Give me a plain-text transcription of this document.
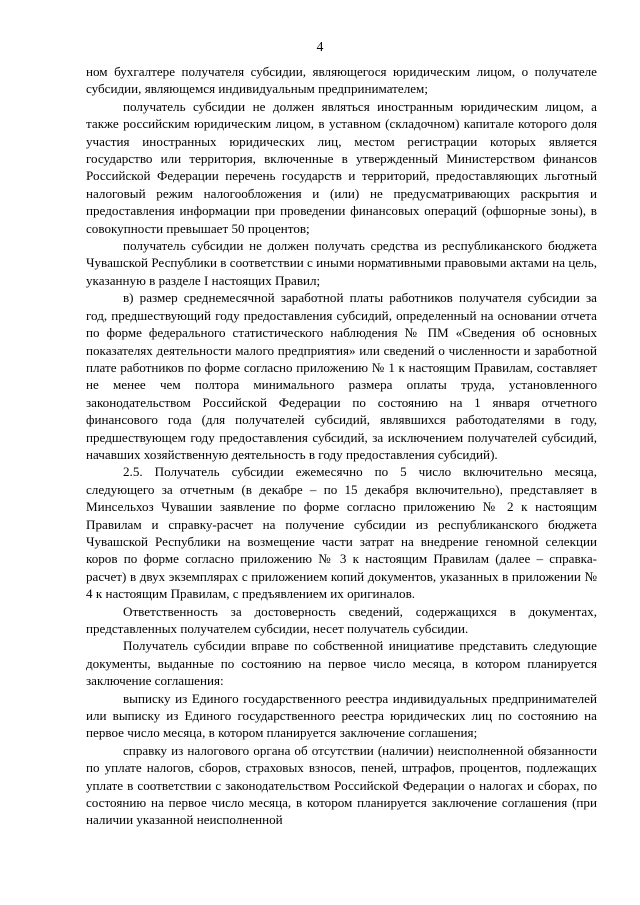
4

ном бухгалтере получателя субсидии, являющегося юридическим лицом, о получателе субсидии, являющемся индивидуальным предпринимателем;

получатель субсидии не должен являться иностранным юридическим лицом, а также российским юридическим лицом, в уставном (складочном) капитале которого доля участия иностранных юридических лиц, местом регистрации которых является государство или территория, включенные в утвержденный Министерством финансов Российской Федерации перечень государств и территорий, предоставляющих льготный налоговый режим налогообложения и (или) не предусматривающих раскрытия и предоставления информации при проведении финансовых операций (офшорные зоны), в совокупности превышает 50 процентов;

получатель субсидии не должен получать средства из республиканского бюджета Чувашской Республики в соответствии с иными нормативными правовыми актами на цель, указанную в разделе I настоящих Правил;

в) размер среднемесячной заработной платы работников получателя субсидии за год, предшествующий году предоставления субсидий, определенный на основании отчета по форме федерального статистического наблюдения № ПМ «Сведения об основных показателях деятельности малого предприятия» или сведений о численности и заработной плате работников по форме согласно приложению № 1 к настоящим Правилам, составляет не менее чем полтора минимального размера оплаты труда, установленного законодательством Российской Федерации по состоянию на 1 января отчетного финансового года (для получателей субсидий, являвшихся работодателями в году, предшествующем году предоставления субсидий, за исключением получателей субсидий, начавших хозяйственную деятельность в году предоставления субсидий).

2.5. Получатель субсидии ежемесячно по 5 число включительно месяца, следующего за отчетным (в декабре – по 15 декабря включительно), представляет в Минсельхоз Чувашии заявление по форме согласно приложению № 2 к настоящим Правилам и справку-расчет на получение субсидии из республиканского бюджета Чувашской Республики на возмещение части затрат на внедрение геномной селекции коров по форме согласно приложению № 3 к настоящим Правилам (далее – справка-расчет) в двух экземплярах с приложением копий документов, указанных в приложении № 4 к настоящим Правилам, с предъявлением их оригиналов.

Ответственность за достоверность сведений, содержащихся в документах, представленных получателем субсидии, несет получатель субсидии.

Получатель субсидии вправе по собственной инициативе представить следующие документы, выданные по состоянию на первое число месяца, в котором планируется заключение соглашения:

выписку из Единого государственного реестра индивидуальных предпринимателей или выписку из Единого государственного реестра юридических лиц по состоянию на первое число месяца, в котором планируется заключение соглашения;

справку из налогового органа об отсутствии (наличии) неисполненной обязанности по уплате налогов, сборов, страховых взносов, пеней, штрафов, процентов, подлежащих уплате в соответствии с законодательством Российской Федерации о налогах и сборах, по состоянию на первое число месяца, в котором планируется заключение соглашения (при наличии указанной неисполненной
